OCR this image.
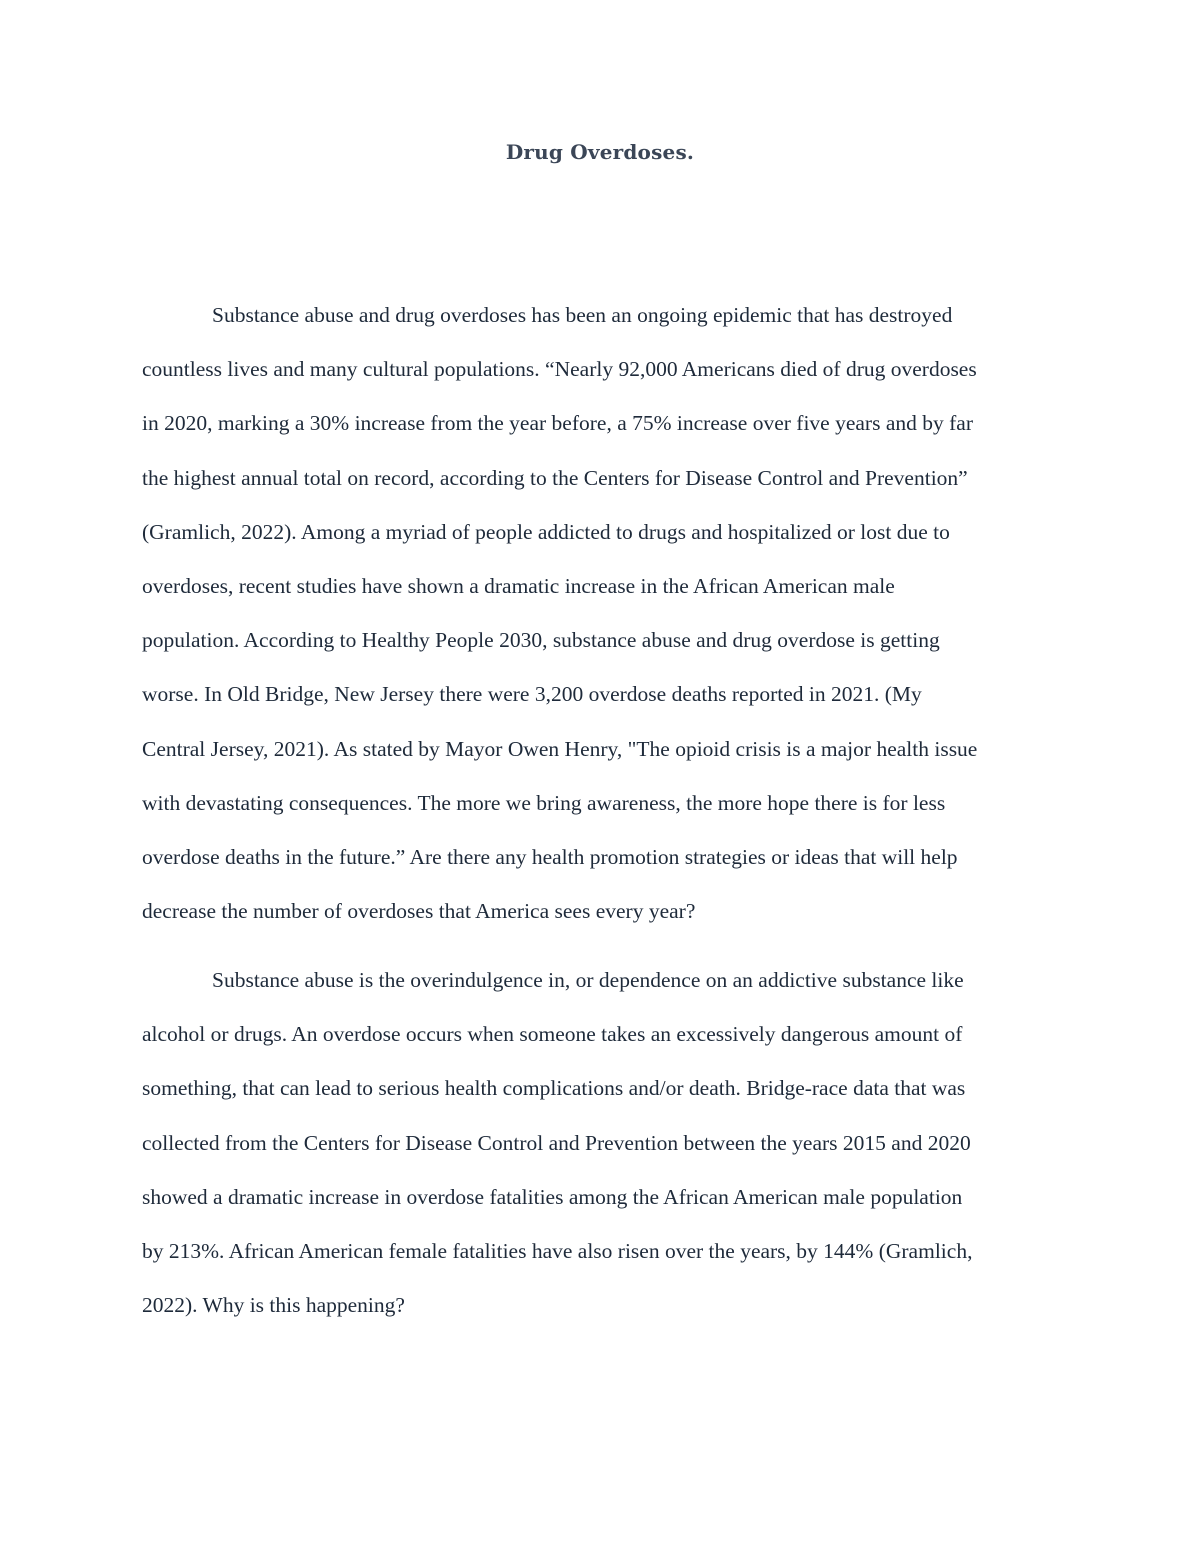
Drug Overdoses.
Substance abuse and drug overdoses has been an ongoing epidemic that has destroyed
countless lives and many cultural populations. “Nearly 92,000 Americans died of drug overdoses
in 2020, marking a 30% increase from the year before, a 75% increase over five years and by far
the highest annual total on record, according to the Centers for Disease Control and Prevention”
(Gramlich, 2022). Among a myriad of people addicted to drugs and hospitalized or lost due to
overdoses, recent studies have shown a dramatic increase in the African American male
population. According to Healthy People 2030, substance abuse and drug overdose is getting
worse. In Old Bridge, New Jersey there were 3,200 overdose deaths reported in 2021. (My
Central Jersey, 2021). As stated by Mayor Owen Henry, "The opioid crisis is a major health issue
with devastating consequences. The more we bring awareness, the more hope there is for less
overdose deaths in the future.” Are there any health promotion strategies or ideas that will help
decrease the number of overdoses that America sees every year?
Substance abuse is the overindulgence in, or dependence on an addictive substance like
alcohol or drugs. An overdose occurs when someone takes an excessively dangerous amount of
something, that can lead to serious health complications and/or death. Bridge-race data that was
collected from the Centers for Disease Control and Prevention between the years 2015 and 2020
showed a dramatic increase in overdose fatalities among the African American male population
by 213%. African American female fatalities have also risen over the years, by 144% (Gramlich,
2022). Why is this happening?
